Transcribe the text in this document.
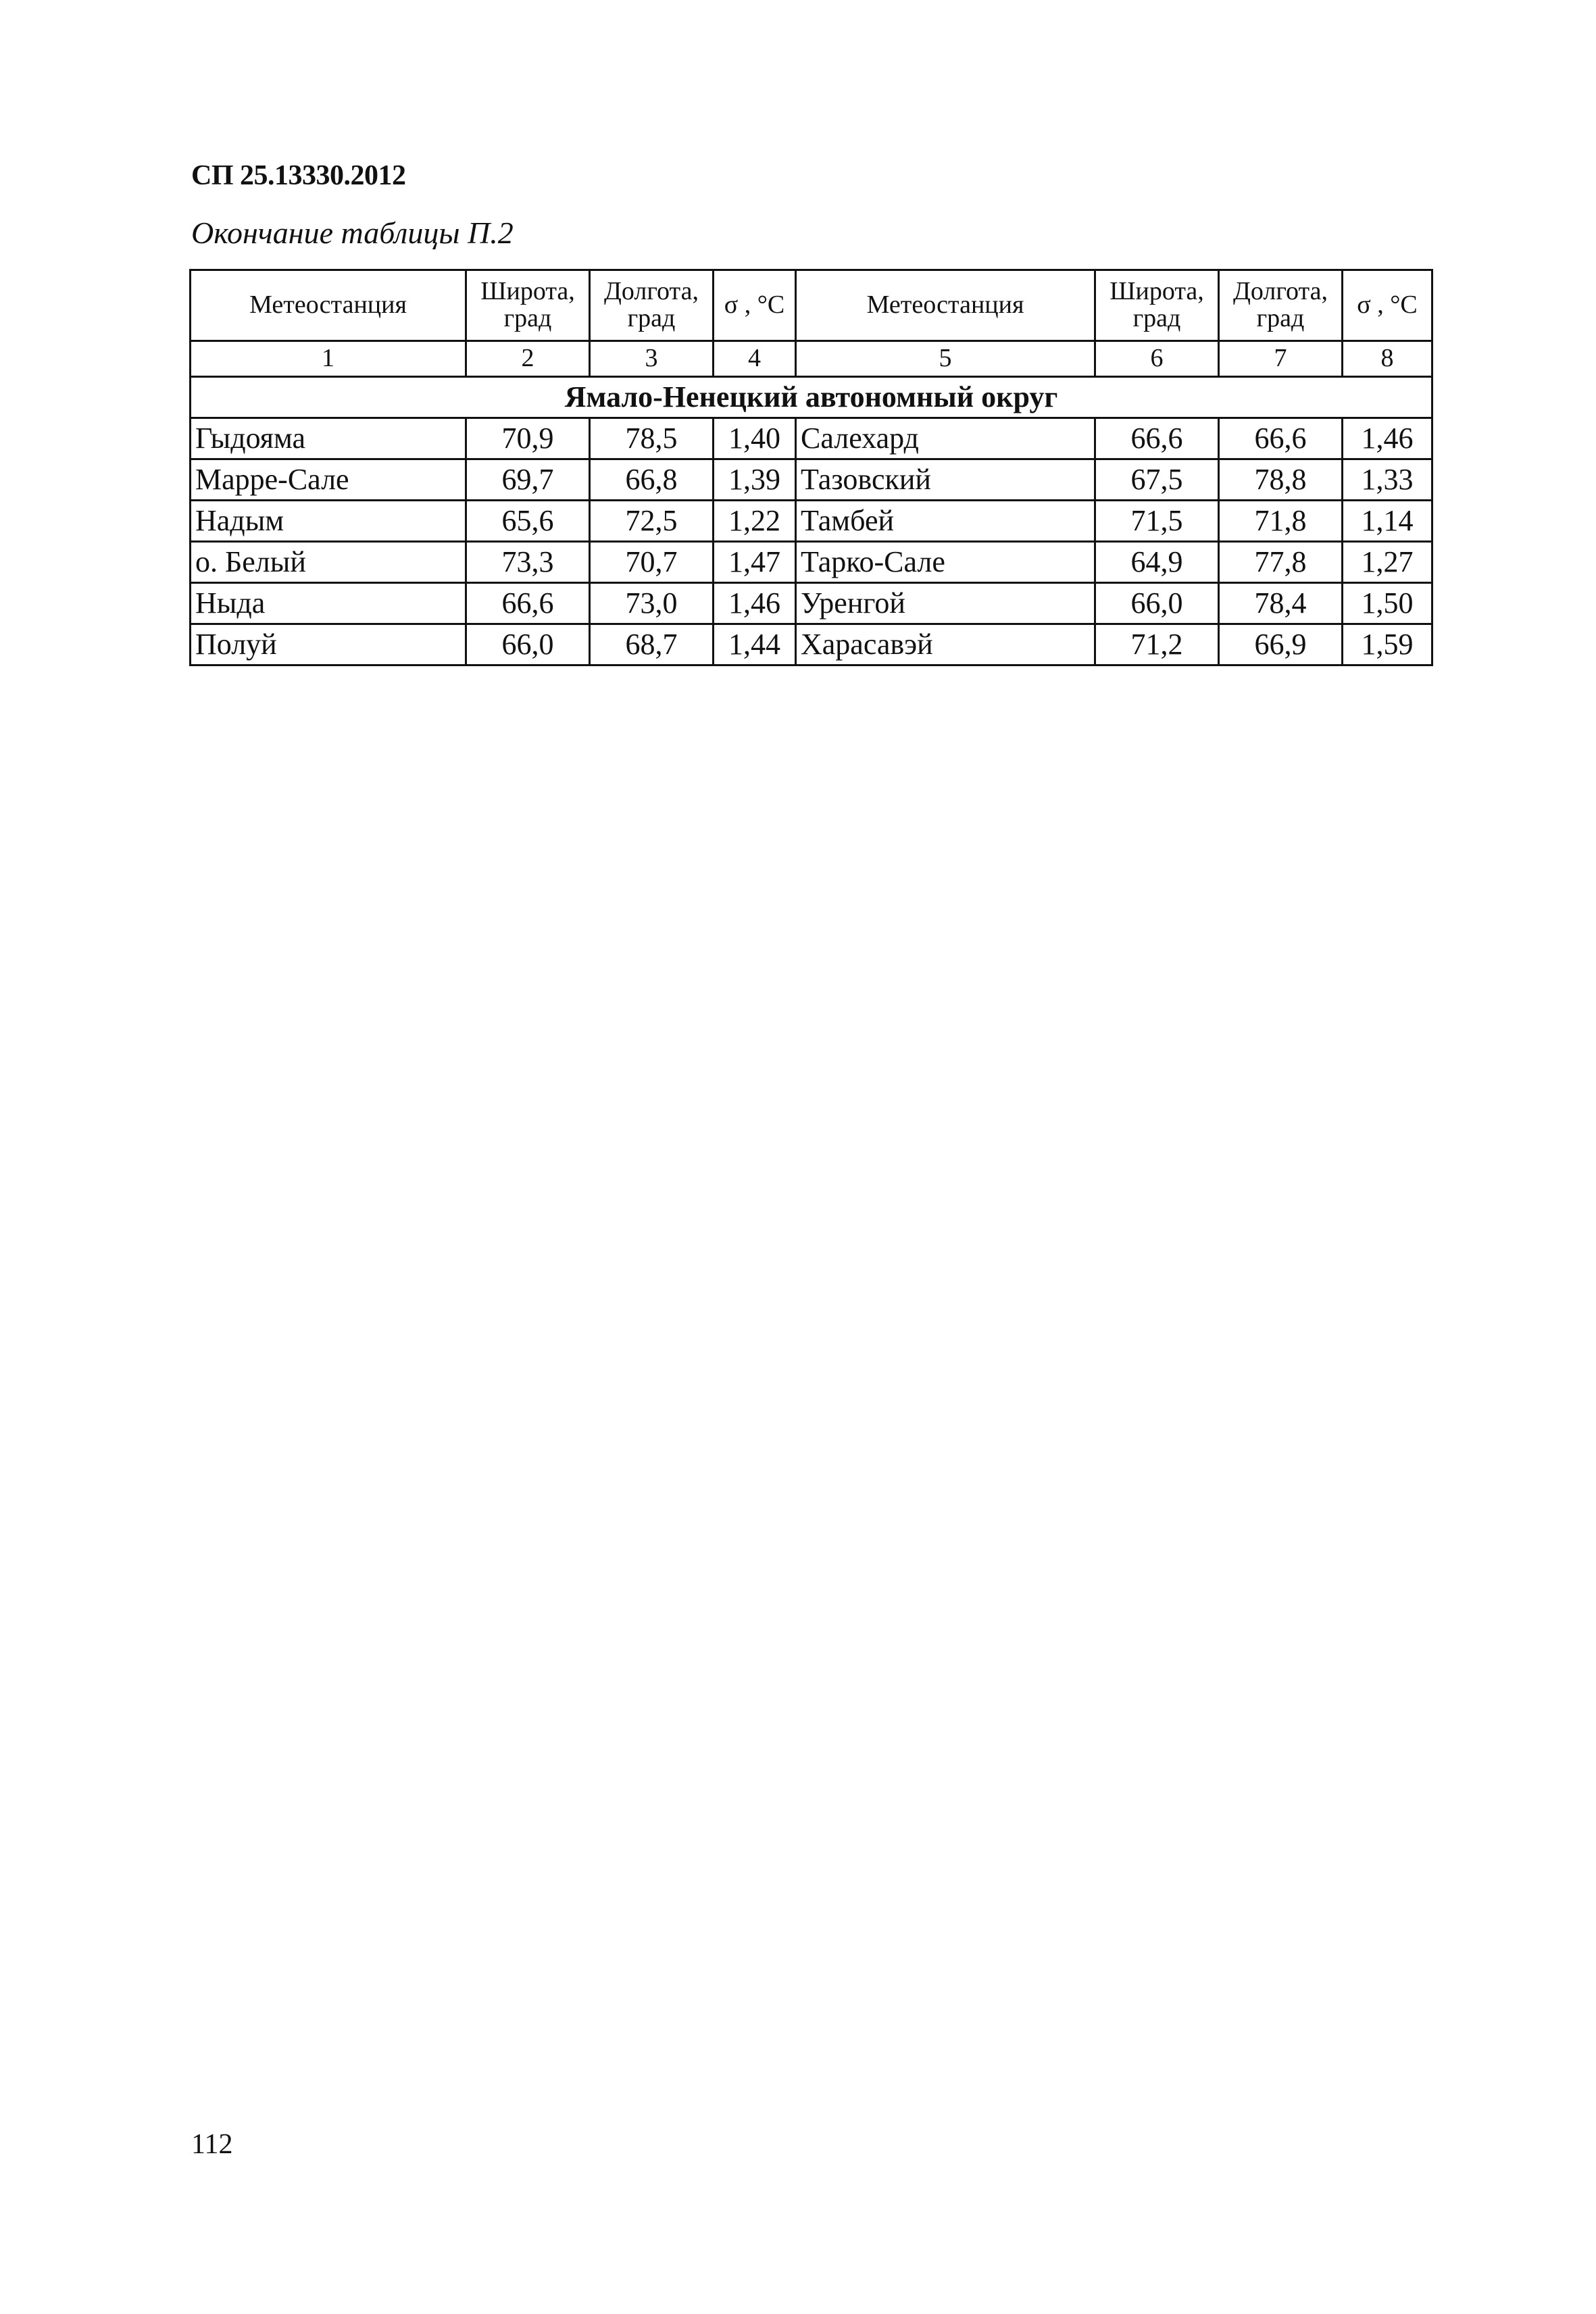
СП 25.13330.2012
Окончание таблицы П.2
Метеостанция	Широта, град	Долгота, град	σ , °С	Метеостанция	Широта, град	Долгота, град	σ , °С
1	2	3	4	5	6	7	8
Ямало-Ненецкий автономный округ							
Гыдояма	70,9	78,5	1,40	Салехард	66,6	66,6	1,46
Марре-Сале	69,7	66,8	1,39	Тазовский	67,5	78,8	1,33
Надым	65,6	72,5	1,22	Тамбей	71,5	71,8	1,14
о. Белый	73,3	70,7	1,47	Тарко-Сале	64,9	77,8	1,27
Ныда	66,6	73,0	1,46	Уренгой	66,0	78,4	1,50
Полуй	66,0	68,7	1,44	Харасавэй	71,2	66,9	1,59
112
